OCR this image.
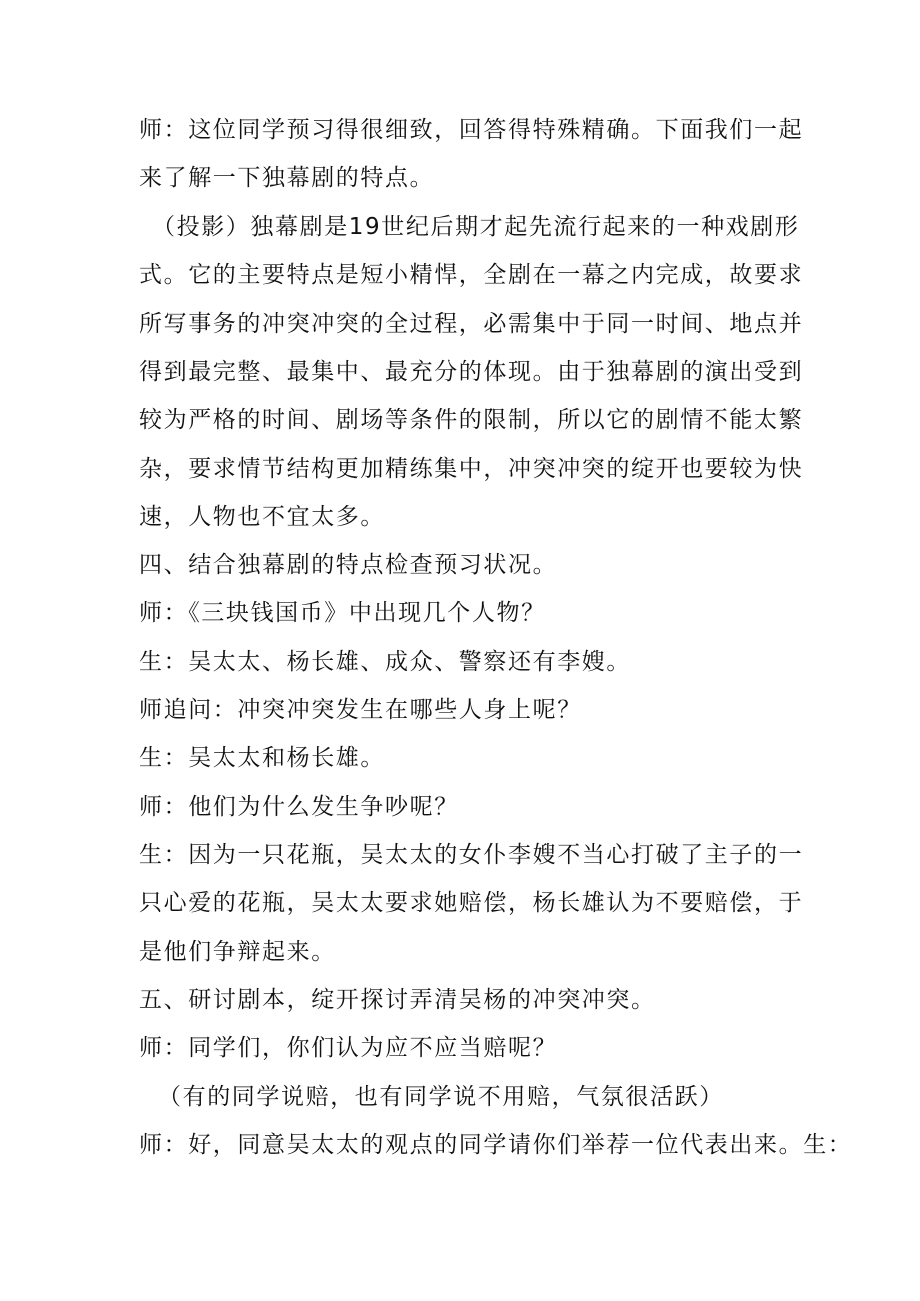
师：这位同学预习得很细致，回答得特殊精确。下面我们一起
来了解一下独幕剧的特点。
（投影）独幕剧是19世纪后期才起先流行起来的一种戏剧形
式。它的主要特点是短小精悍，全剧在一幕之内完成，故要求
所写事务的冲突冲突的全过程，必需集中于同一时间、地点并
得到最完整、最集中、最充分的体现。由于独幕剧的演出受到
较为严格的时间、剧场等条件的限制，所以它的剧情不能太繁
杂，要求情节结构更加精练集中，冲突冲突的绽开也要较为快
速，人物也不宜太多。
四、结合独幕剧的特点检查预习状况。
师：《三块钱国币》中出现几个人物？
生：吴太太、杨长雄、成众、警察还有李嫂。
师追问：冲突冲突发生在哪些人身上呢？
生：吴太太和杨长雄。
师：他们为什么发生争吵呢？
生：因为一只花瓶，吴太太的女仆李嫂不当心打破了主子的一
只心爱的花瓶，吴太太要求她赔偿，杨长雄认为不要赔偿，于
是他们争辩起来。
五、研讨剧本，绽开探讨弄清吴杨的冲突冲突。
师：同学们，你们认为应不应当赔呢？
（有的同学说赔，也有同学说不用赔，气氛很活跃）
师：好，同意吴太太的观点的同学请你们举荐一位代表出来。生：
